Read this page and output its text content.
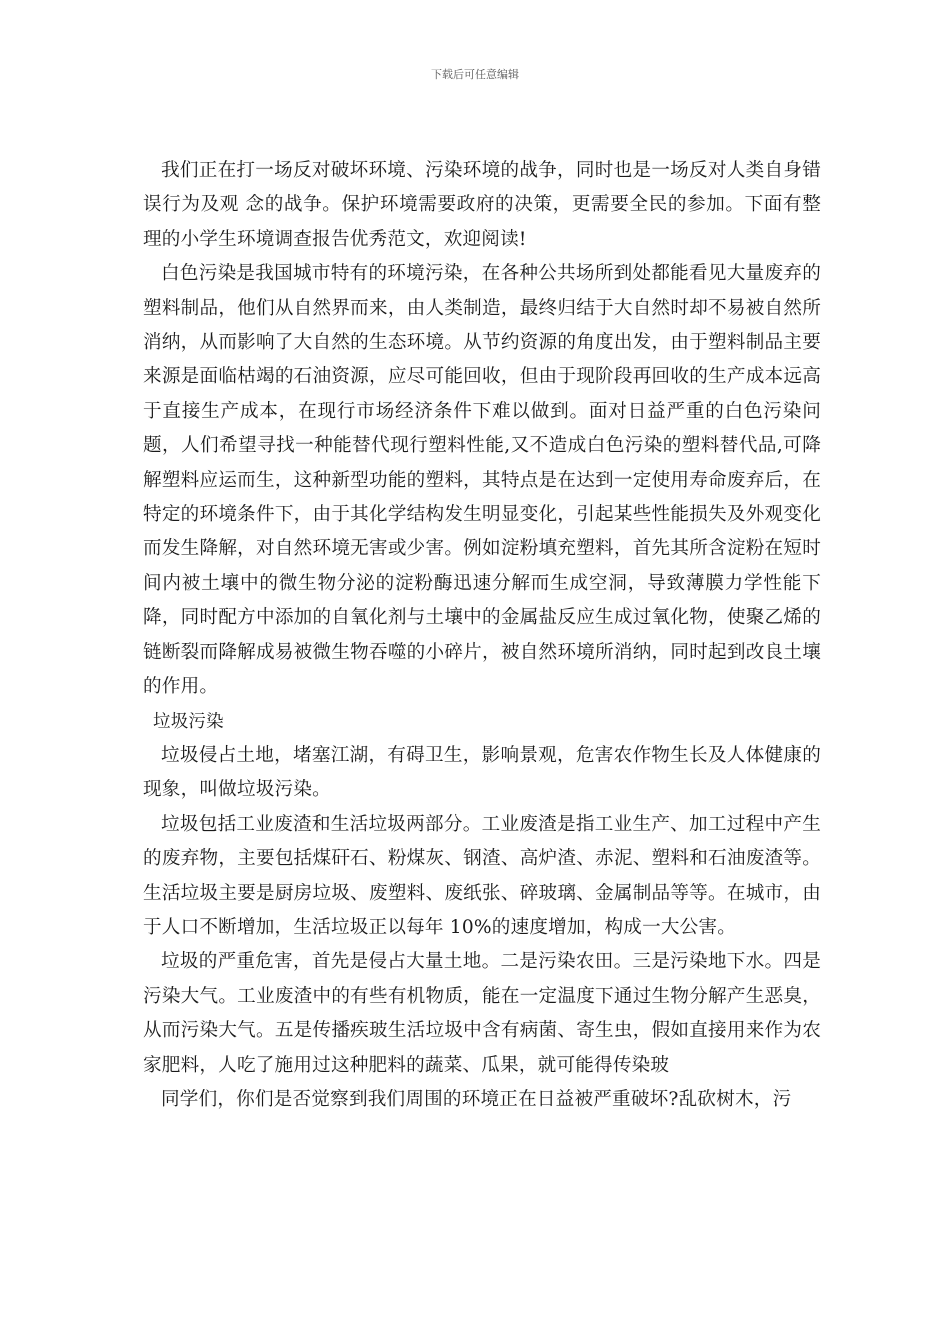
下载后可任意编辑

我们正在打一场反对破坏环境、污染环境的战争，同时也是一场反对人类自身错误行为及观 念的战争。保护环境需要政府的决策，更需要全民的参加。下面有整理的小学生环境调查报告优秀范文，欢迎阅读!

白色污染是我国城市特有的环境污染，在各种公共场所到处都能看见大量废弃的塑料制品，他们从自然界而来，由人类制造，最终归结于大自然时却不易被自然所消纳，从而影响了大自然的生态环境。从节约资源的角度出发，由于塑料制品主要来源是面临枯竭的石油资源，应尽可能回收，但由于现阶段再回收的生产成本远高于直接生产成本，在现行市场经济条件下难以做到。面对日益严重的白色污染问题，人们希望寻找一种能替代现行塑料性能,又不造成白色污染的塑料替代品,可降解塑料应运而生，这种新型功能的塑料，其特点是在达到一定使用寿命废弃后，在特定的环境条件下，由于其化学结构发生明显变化，引起某些性能损失及外观变化而发生降解，对自然环境无害或少害。例如淀粉填充塑料，首先其所含淀粉在短时间内被土壤中的微生物分泌的淀粉酶迅速分解而生成空洞，导致薄膜力学性能下降，同时配方中添加的自氧化剂与土壤中的金属盐反应生成过氧化物，使聚乙烯的链断裂而降解成易被微生物吞噬的小碎片，被自然环境所消纳，同时起到改良土壤的作用。

垃圾污染

垃圾侵占土地，堵塞江湖，有碍卫生，影响景观，危害农作物生长及人体健康的现象，叫做垃圾污染。

垃圾包括工业废渣和生活垃圾两部分。工业废渣是指工业生产、加工过程中产生的废弃物，主要包括煤矸石、粉煤灰、钢渣、高炉渣、赤泥、塑料和石油废渣等。生活垃圾主要是厨房垃圾、废塑料、废纸张、碎玻璃、金属制品等等。在城市，由于人口不断增加，生活垃圾正以每年 10%的速度增加，构成一大公害。

垃圾的严重危害，首先是侵占大量土地。二是污染农田。三是污染地下水。四是污染大气。工业废渣中的有些有机物质，能在一定温度下通过生物分解产生恶臭，从而污染大气。五是传播疾玻生活垃圾中含有病菌、寄生虫，假如直接用来作为农家肥料，人吃了施用过这种肥料的蔬菜、瓜果，就可能得传染玻

同学们，你们是否觉察到我们周围的环境正在日益被严重破坏?乱砍树木，污
